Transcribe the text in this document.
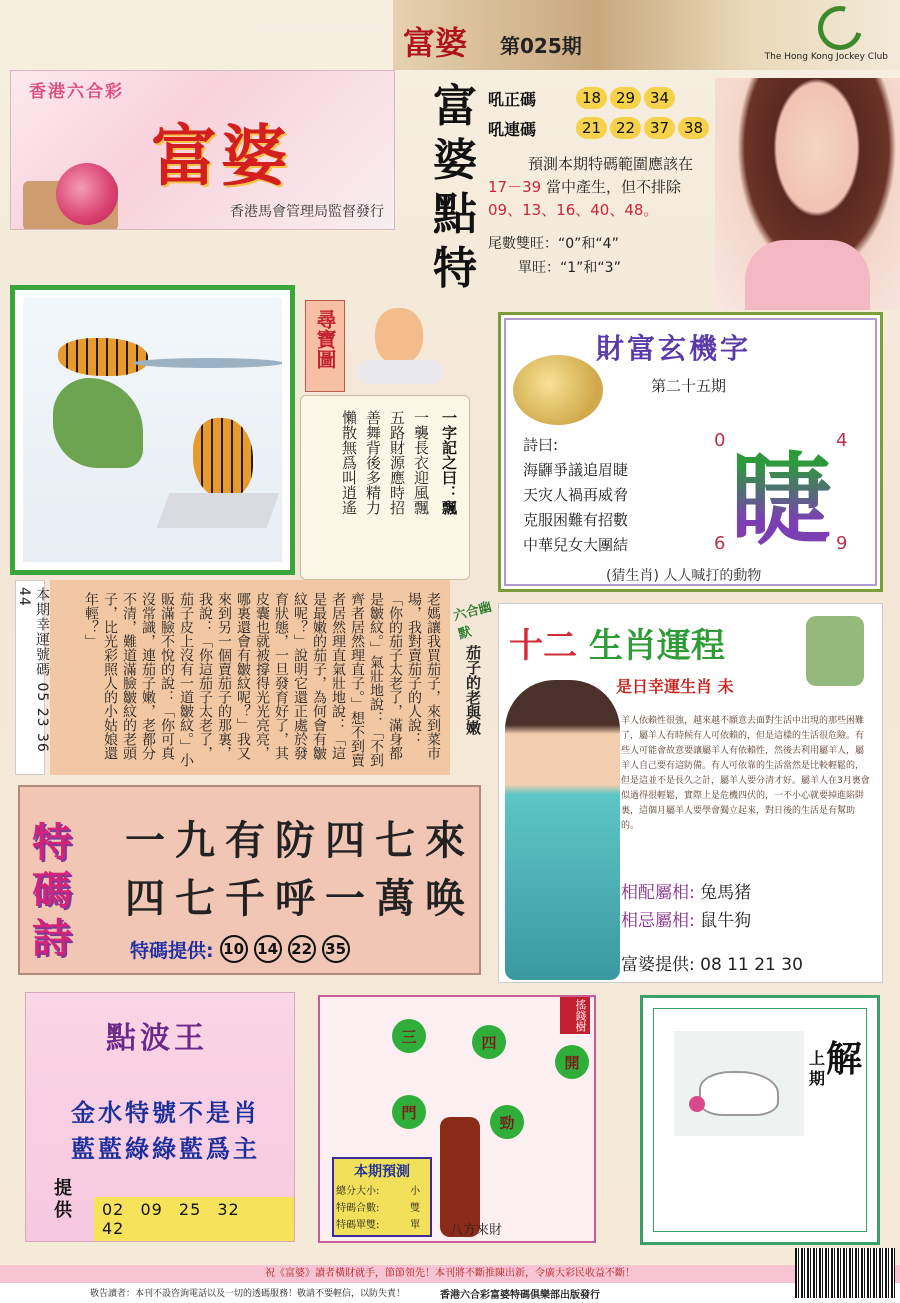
富婆 第025期	The Hong Kong Jockey Club
香港六合彩
富婆
香港馬會管理局監督發行
富
婆
點
特
吼正碼	18 29 34
吼連碼	21 22 37 38
預測本期特碼範圍應該在
17－39 當中產生，但不排除
09、13、16、40、48。
尾數雙旺：“0”和“4”
單旺：“1”和“3”
尋寶圖
一字記之曰：飄
一襲長衣迎風飄
五路財源應時招
善舞背後多精力
懶散無爲叫逍遙
財富玄機字
第二十五期
詩曰:
海鼲爭議追眉睫
天灾人禍再威脅
克服困難有招數
中華兒女大團結
0	4
6	9
睫
(猜生肖) 人人喊打的動物
本期幸運號碼 05 23 36 44	老媽讓我買茄子，來到菜市場，我對賣茄子的人說：「你的茄子太老了，滿身都是皺紋。」氣壯地說：「不到齊者居然理直子。」想不到賣者居然理直氣壯地說：「這是最嫩的茄子，為何會有皺紋呢？」說明它還正處於發育狀態，一旦發育好了，其皮囊也就被撐得光光亮亮，哪裏還會有皺紋呢？」我又來到另一個賣茄子的那裏，我說：「你這茄子太老了，茄子皮上沒有一道皺紋。」小販滿臉不悅的說：「你可真沒常識，連茄子嫩，老都分不清，難道滿臉皺紋的老頭子，比光彩照人的小姑娘還年輕？」	六合幽默
茄子的老與嫩 十二 生肖運程
是日幸運生肖 未
羊人依賴性很強，越來越不願意去面對生活中出現的那些困難了，屬羊人有時候有人可依賴的，但是這樣的生活很危險。有些人可能會故意要讓屬羊人有依賴性，然後去利用屬羊人，屬羊人自己要有這防備。有人可依靠的生活當然是比較輕鬆的，但是這並不是長久之計，屬羊人要分清才好。屬羊人在3月裏會似過得很輕鬆，實際上是危機四伏的，一不小心就要掉進陷阱裏，這個月屬羊人要學會獨立起來，對日後的生活是有幫助的。
相配屬相: 兔馬猪
相忌屬相: 鼠牛狗
富婆提供: 08 11 21 30
特
碼
詩
一九有防四七來
四七千呼一萬唤
特碼提供: 10 14 22 35
點波王
金水特號不是肖
藍藍綠綠藍爲主
提供	02 09 25 32 42
三	四
開
門
勁
搖錢樹
八方來財
本期預測
總分大小:	小
特碼合數:	雙
特碼單雙:	單
上期 解
祝《富婆》讀者橫財就手，節節領先！本刊將不斷推陳出新，令廣大彩民收益不斷！
敬告讀者：本刊不設咨詢電話以及一切的透碼服務！敬請不要輕信，以防失責！	香港六合彩富婆特碼俱樂部出版發行
